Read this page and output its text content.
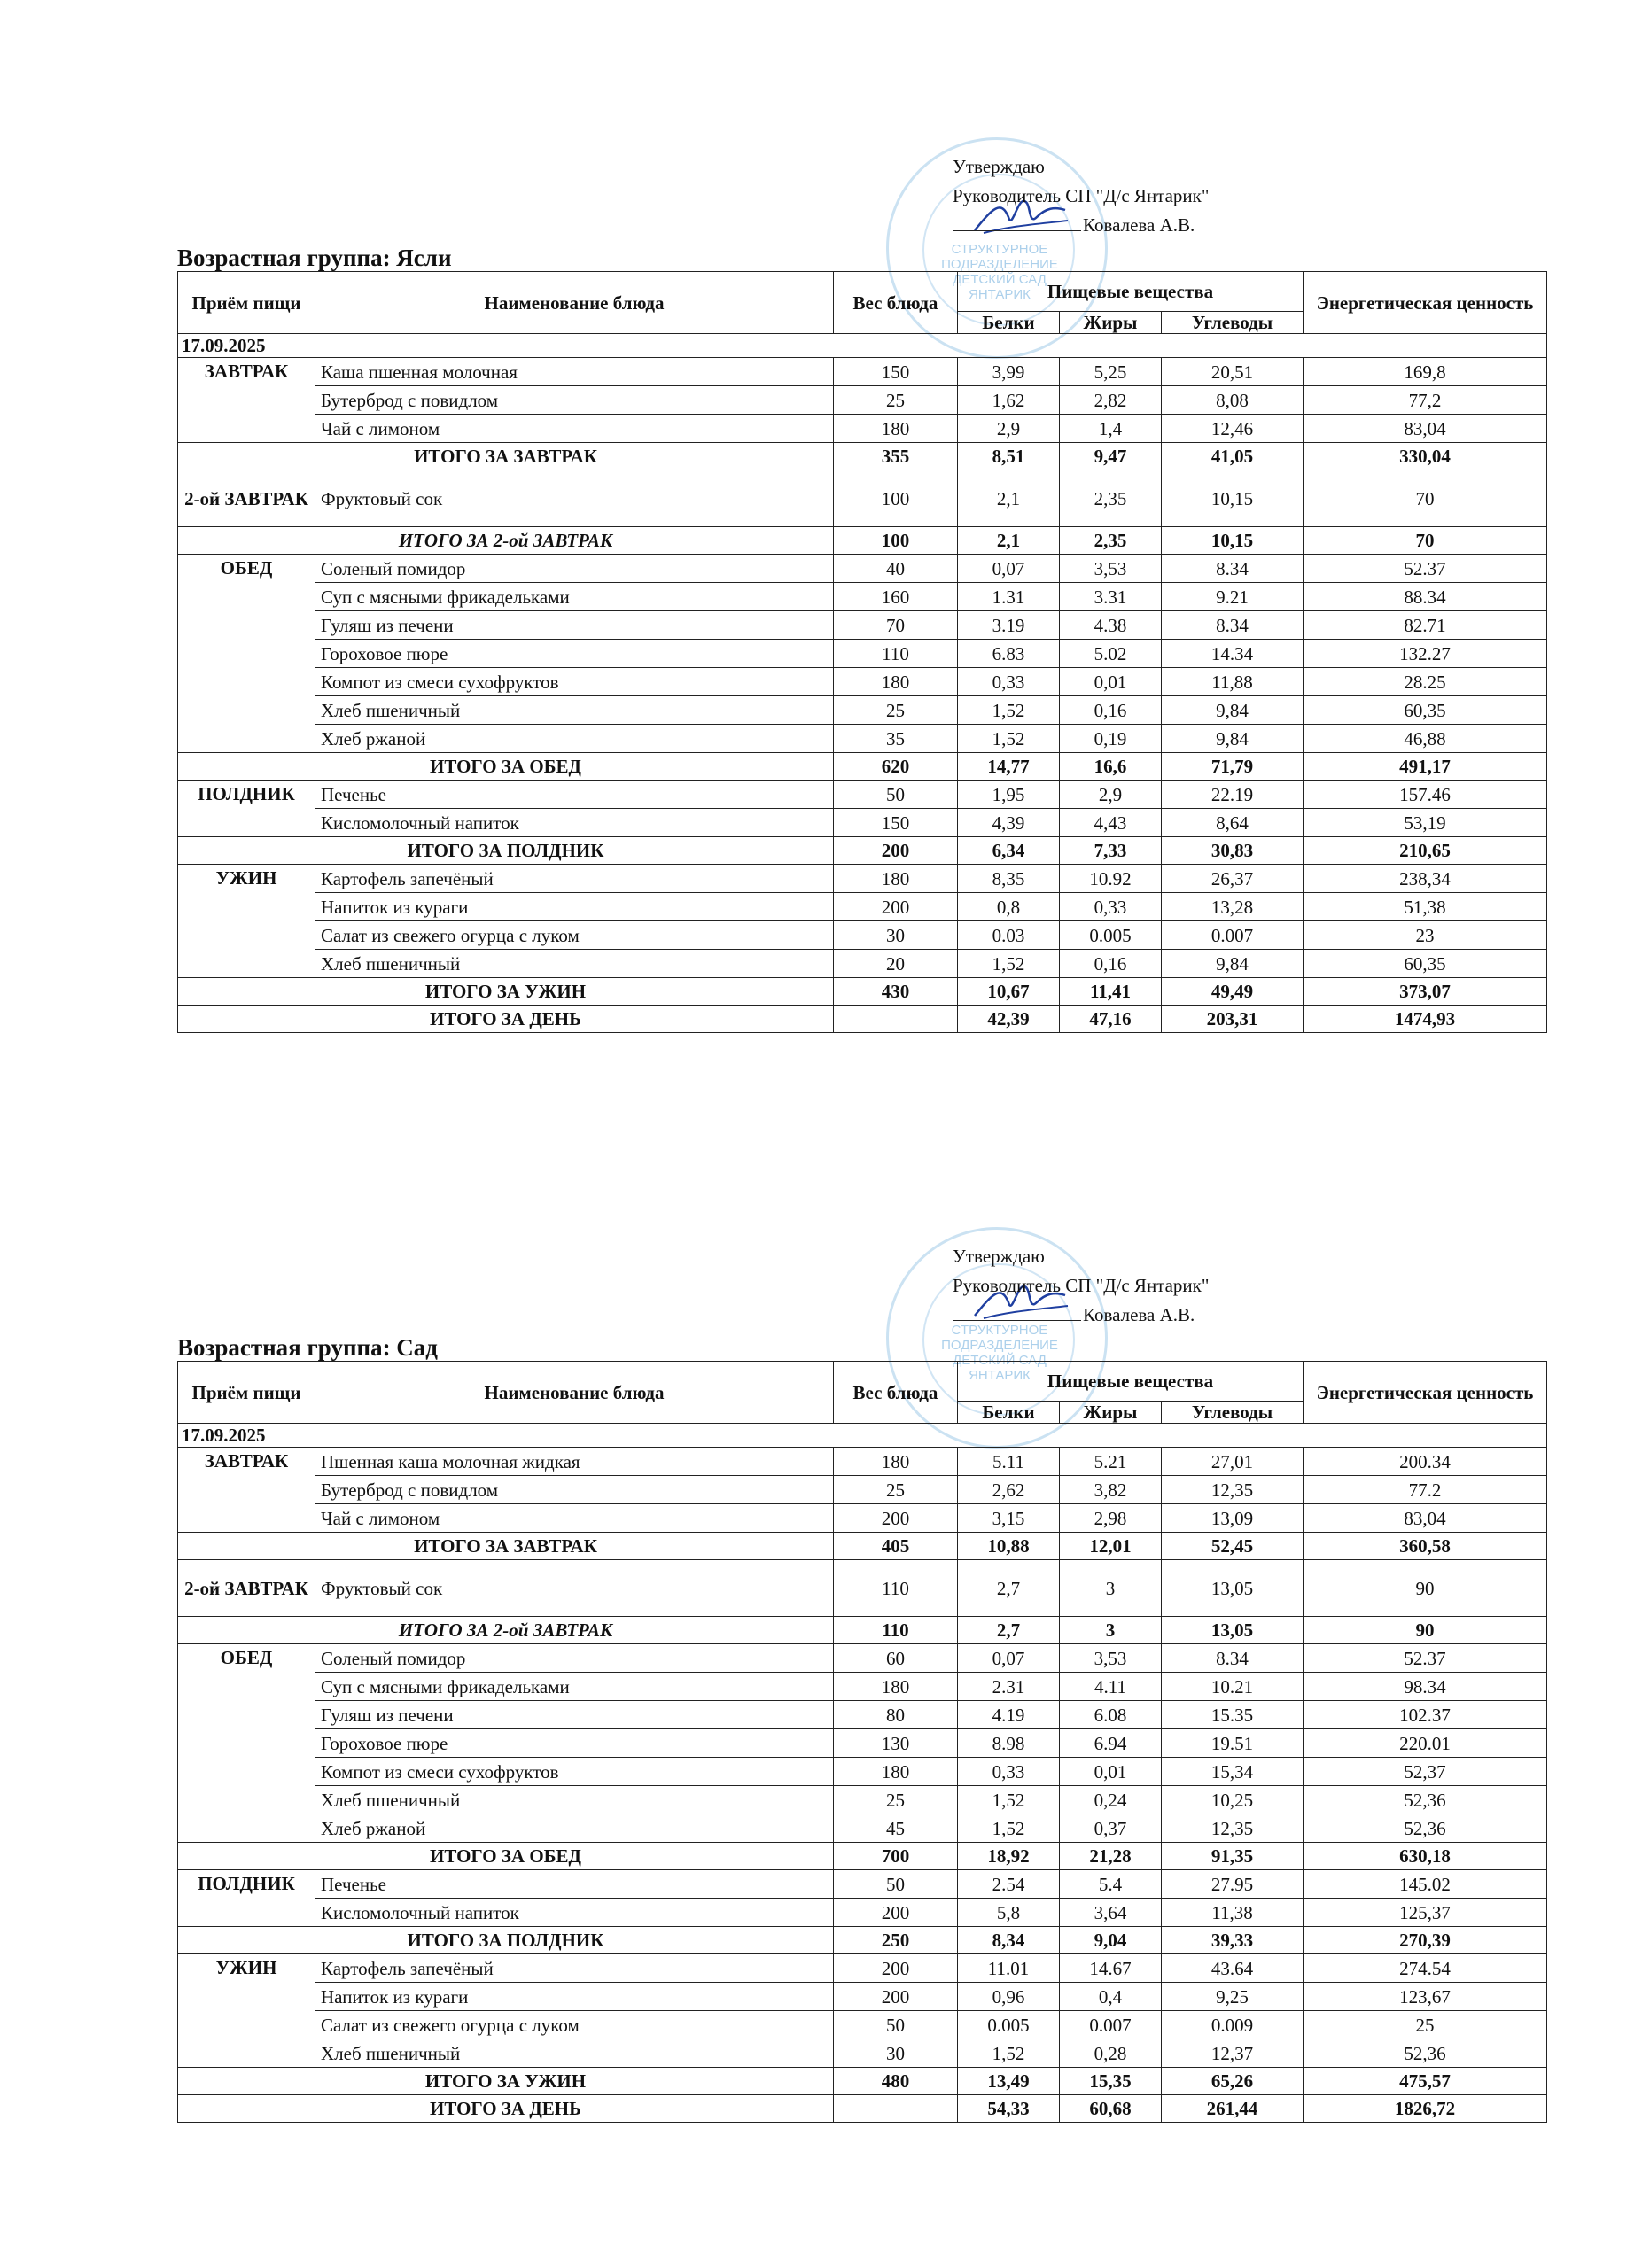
СТРУКТУРНОЕ ПОДРАЗДЕЛЕНИЕ ДЕТСКИЙ САД ЯНТАРИК
Утверждаю
Руководитель СП "Д/с Янтарик"
Ковалева А.В.
Возрастная группа: Ясли
Приём пищи	Наименование блюда	Вес блюда	Пищевые вещества			Энергетическая ценность
			Белки	Жиры	Углеводы	
17.09.2025						
ЗАВТРАК	Каша пшенная молочная	150	3,99	5,25	20,51	169,8
	Бутерброд с повидлом	25	1,62	2,82	8,08	77,2
	Чай с лимоном	180	2,9	1,4	12,46	83,04
ИТОГО ЗА ЗАВТРАК		355	8,51	9,47	41,05	330,04
2-ой ЗАВТРАК	Фруктовый сок	100	2,1	2,35	10,15	70
ИТОГО ЗА 2-ой ЗАВТРАК		100	2,1	2,35	10,15	70
ОБЕД	Соленый помидор	40	0,07	3,53	8.34	52.37
	Суп с мясными фрикадельками	160	1.31	3.31	9.21	88.34
	Гуляш из печени	70	3.19	4.38	8.34	82.71
	Гороховое пюре	110	6.83	5.02	14.34	132.27
	Компот из смеси сухофруктов	180	0,33	0,01	11,88	28.25
	Хлеб пшеничный	25	1,52	0,16	9,84	60,35
	Хлеб ржаной	35	1,52	0,19	9,84	46,88
ИТОГО ЗА ОБЕД		620	14,77	16,6	71,79	491,17
ПОЛДНИК	Печенье	50	1,95	2,9	22.19	157.46
	Кисломолочный напиток	150	4,39	4,43	8,64	53,19
ИТОГО ЗА ПОЛДНИК		200	6,34	7,33	30,83	210,65
УЖИН	Картофель запечёный	180	8,35	10.92	26,37	238,34
	Напиток из кураги	200	0,8	0,33	13,28	51,38
	Салат из свежего огурца с луком	30	0.03	0.005	0.007	23
	Хлеб пшеничный	20	1,52	0,16	9,84	60,35
ИТОГО ЗА УЖИН		430	10,67	11,41	49,49	373,07
ИТОГО ЗА ДЕНЬ			42,39	47,16	203,31	1474,93
СТРУКТУРНОЕ ПОДРАЗДЕЛЕНИЕ ДЕТСКИЙ САД ЯНТАРИК
Утверждаю
Руководитель СП "Д/с Янтарик"
Ковалева А.В.
Возрастная группа: Сад
Приём пищи	Наименование блюда	Вес блюда	Пищевые вещества			Энергетическая ценность
			Белки	Жиры	Углеводы	
17.09.2025						
ЗАВТРАК	Пшенная каша молочная жидкая	180	5.11	5.21	27,01	200.34
	Бутерброд с повидлом	25	2,62	3,82	12,35	77.2
	Чай с лимоном	200	3,15	2,98	13,09	83,04
ИТОГО ЗА ЗАВТРАК		405	10,88	12,01	52,45	360,58
2-ой ЗАВТРАК	Фруктовый сок	110	2,7	3	13,05	90
ИТОГО ЗА 2-ой ЗАВТРАК		110	2,7	3	13,05	90
ОБЕД	Соленый помидор	60	0,07	3,53	8.34	52.37
	Суп с мясными фрикадельками	180	2.31	4.11	10.21	98.34
	Гуляш из печени	80	4.19	6.08	15.35	102.37
	Гороховое пюре	130	8.98	6.94	19.51	220.01
	Компот из смеси сухофруктов	180	0,33	0,01	15,34	52,37
	Хлеб пшеничный	25	1,52	0,24	10,25	52,36
	Хлеб ржаной	45	1,52	0,37	12,35	52,36
ИТОГО ЗА ОБЕД		700	18,92	21,28	91,35	630,18
ПОЛДНИК	Печенье	50	2.54	5.4	27.95	145.02
	Кисломолочный напиток	200	5,8	3,64	11,38	125,37
ИТОГО ЗА ПОЛДНИК		250	8,34	9,04	39,33	270,39
УЖИН	Картофель запечёный	200	11.01	14.67	43.64	274.54
	Напиток из кураги	200	0,96	0,4	9,25	123,67
	Салат из свежего огурца с луком	50	0.005	0.007	0.009	25
	Хлеб пшеничный	30	1,52	0,28	12,37	52,36
ИТОГО ЗА УЖИН		480	13,49	15,35	65,26	475,57
ИТОГО ЗА ДЕНЬ			54,33	60,68	261,44	1826,72
